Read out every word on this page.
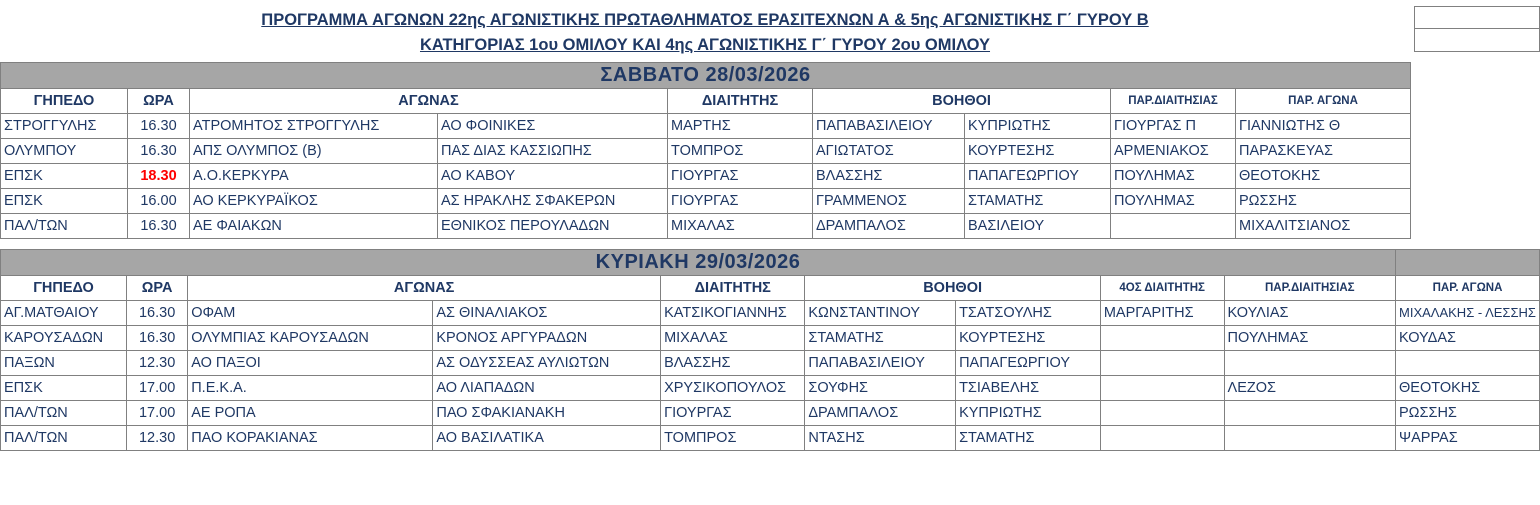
ΠΡΟΓΡΑΜΜΑ ΑΓΩΝΩΝ 22ης ΑΓΩΝΙΣΤΙΚΗΣ ΠΡΩΤΑΘΛΗΜΑΤΟΣ ΕΡΑΣΙΤΕΧΝΩΝ Α & 5ης ΑΓΩΝΙΣΤΙΚΗΣ Γ΄ ΓΥΡΟΥ Β
ΚΑΤΗΓΟΡΙΑΣ 1ου ΟΜΙΛΟΥ ΚΑΙ 4ης ΑΓΩΝΙΣΤΙΚΗΣ Γ΄ ΓΥΡΟΥ 2ου ΟΜΙΛΟΥ
ΣΑΒΒΑΤΟ 28/03/2026								
ΓΗΠΕΔΟ	ΩΡΑ	ΑΓΩΝΑΣ		ΔΙΑΙΤΗΤΗΣ	ΒΟΗΘΟΙ		ΠΑΡ.ΔΙΑΙΤΗΣΙΑΣ	ΠΑΡ. ΑΓΩΝΑ
ΣΤΡΟΓΓΥΛΗΣ	16.30	ΑΤΡΟΜΗΤΟΣ ΣΤΡΟΓΓΥΛΗΣ	ΑΟ ΦΟΙΝΙΚΕΣ	ΜΑΡΤΗΣ	ΠΑΠΑΒΑΣΙΛΕΙΟΥ	ΚΥΠΡΙΩΤΗΣ	ΓΙΟΥΡΓΑΣ Π	ΓΙΑΝΝΙΩΤΗΣ Θ
ΟΛΥΜΠΟΥ	16.30	ΑΠΣ ΟΛΥΜΠΟΣ (Β)	ΠΑΣ ΔΙΑΣ ΚΑΣΣΙΩΠΗΣ	ΤΟΜΠΡΟΣ	ΑΓΙΩΤΑΤΟΣ	ΚΟΥΡΤΕΣΗΣ	ΑΡΜΕΝΙΑΚΟΣ	ΠΑΡΑΣΚΕΥΑΣ
ΕΠΣΚ	18.30	Α.Ο.ΚΕΡΚΥΡΑ	ΑΟ ΚΑΒΟΥ	ΓΙΟΥΡΓΑΣ	ΒΛΑΣΣΗΣ	ΠΑΠΑΓΕΩΡΓΙΟΥ	ΠΟΥΛΗΜΑΣ	ΘΕΟΤΟΚΗΣ
ΕΠΣΚ	16.00	ΑΟ ΚΕΡΚΥΡΑΪΚΟΣ	ΑΣ ΗΡΑΚΛΗΣ ΣΦΑΚΕΡΩΝ	ΓΙΟΥΡΓΑΣ	ΓΡΑΜΜΕΝΟΣ	ΣΤΑΜΑΤΗΣ	ΠΟΥΛΗΜΑΣ	ΡΩΣΣΗΣ
ΠΑΛ/ΤΩΝ	16.30	ΑΕ ΦΑΙΑΚΩΝ	ΕΘΝΙΚΟΣ ΠΕΡΟΥΛΑΔΩΝ	ΜΙΧΑΛΑΣ	ΔΡΑΜΠΑΛΟΣ	ΒΑΣΙΛΕΙΟΥ		ΜΙΧΑΛΙΤΣΙΑΝΟΣ
ΚΥΡΙΑΚΗ 29/03/2026									
ΓΗΠΕΔΟ	ΩΡΑ	ΑΓΩΝΑΣ		ΔΙΑΙΤΗΤΗΣ	ΒΟΗΘΟΙ		4ΟΣ ΔΙΑΙΤΗΤΗΣ	ΠΑΡ.ΔΙΑΙΤΗΣΙΑΣ	ΠΑΡ. ΑΓΩΝΑ
ΑΓ.ΜΑΤΘΑΙΟΥ	16.30	ΟΦΑΜ	ΑΣ ΘΙΝΑΛΙΑΚΟΣ	ΚΑΤΣΙΚΟΓΙΑΝΝΗΣ	ΚΩΝΣΤΑΝΤΙΝΟΥ	ΤΣΑΤΣΟΥΛΗΣ	ΜΑΡΓΑΡΙΤΗΣ	ΚΟΥΛΙΑΣ	ΜΙΧΑΛΑΚΗΣ - ΛΕΣΣΗΣ
ΚΑΡΟΥΣΑΔΩΝ	16.30	ΟΛΥΜΠΙΑΣ ΚΑΡΟΥΣΑΔΩΝ	ΚΡΟΝΟΣ ΑΡΓΥΡΑΔΩΝ	ΜΙΧΑΛΑΣ	ΣΤΑΜΑΤΗΣ	ΚΟΥΡΤΕΣΗΣ		ΠΟΥΛΗΜΑΣ	ΚΟΥΔΑΣ
ΠΑΞΩΝ	12.30	ΑΟ ΠΑΞΟΙ	ΑΣ ΟΔΥΣΣΕΑΣ ΑΥΛΙΩΤΩΝ	ΒΛΑΣΣΗΣ	ΠΑΠΑΒΑΣΙΛΕΙΟΥ	ΠΑΠΑΓΕΩΡΓΙΟΥ			
ΕΠΣΚ	17.00	Π.Ε.Κ.Α.	ΑΟ ΛΙΑΠΑΔΩΝ	ΧΡΥΣΙΚΟΠΟΥΛΟΣ	ΣΟΥΦΗΣ	ΤΣΙΑΒΕΛΗΣ		ΛΕΖΟΣ	ΘΕΟΤΟΚΗΣ
ΠΑΛ/ΤΩΝ	17.00	ΑΕ ΡΟΠΑ	ΠΑΟ ΣΦΑΚΙΑΝΑΚΗ	ΓΙΟΥΡΓΑΣ	ΔΡΑΜΠΑΛΟΣ	ΚΥΠΡΙΩΤΗΣ			ΡΩΣΣΗΣ
ΠΑΛ/ΤΩΝ	12.30	ΠΑΟ ΚΟΡΑΚΙΑΝΑΣ	ΑΟ ΒΑΣΙΛΑΤΙΚΑ	ΤΟΜΠΡΟΣ	ΝΤΑΣΗΣ	ΣΤΑΜΑΤΗΣ			ΨΑΡΡΑΣ
